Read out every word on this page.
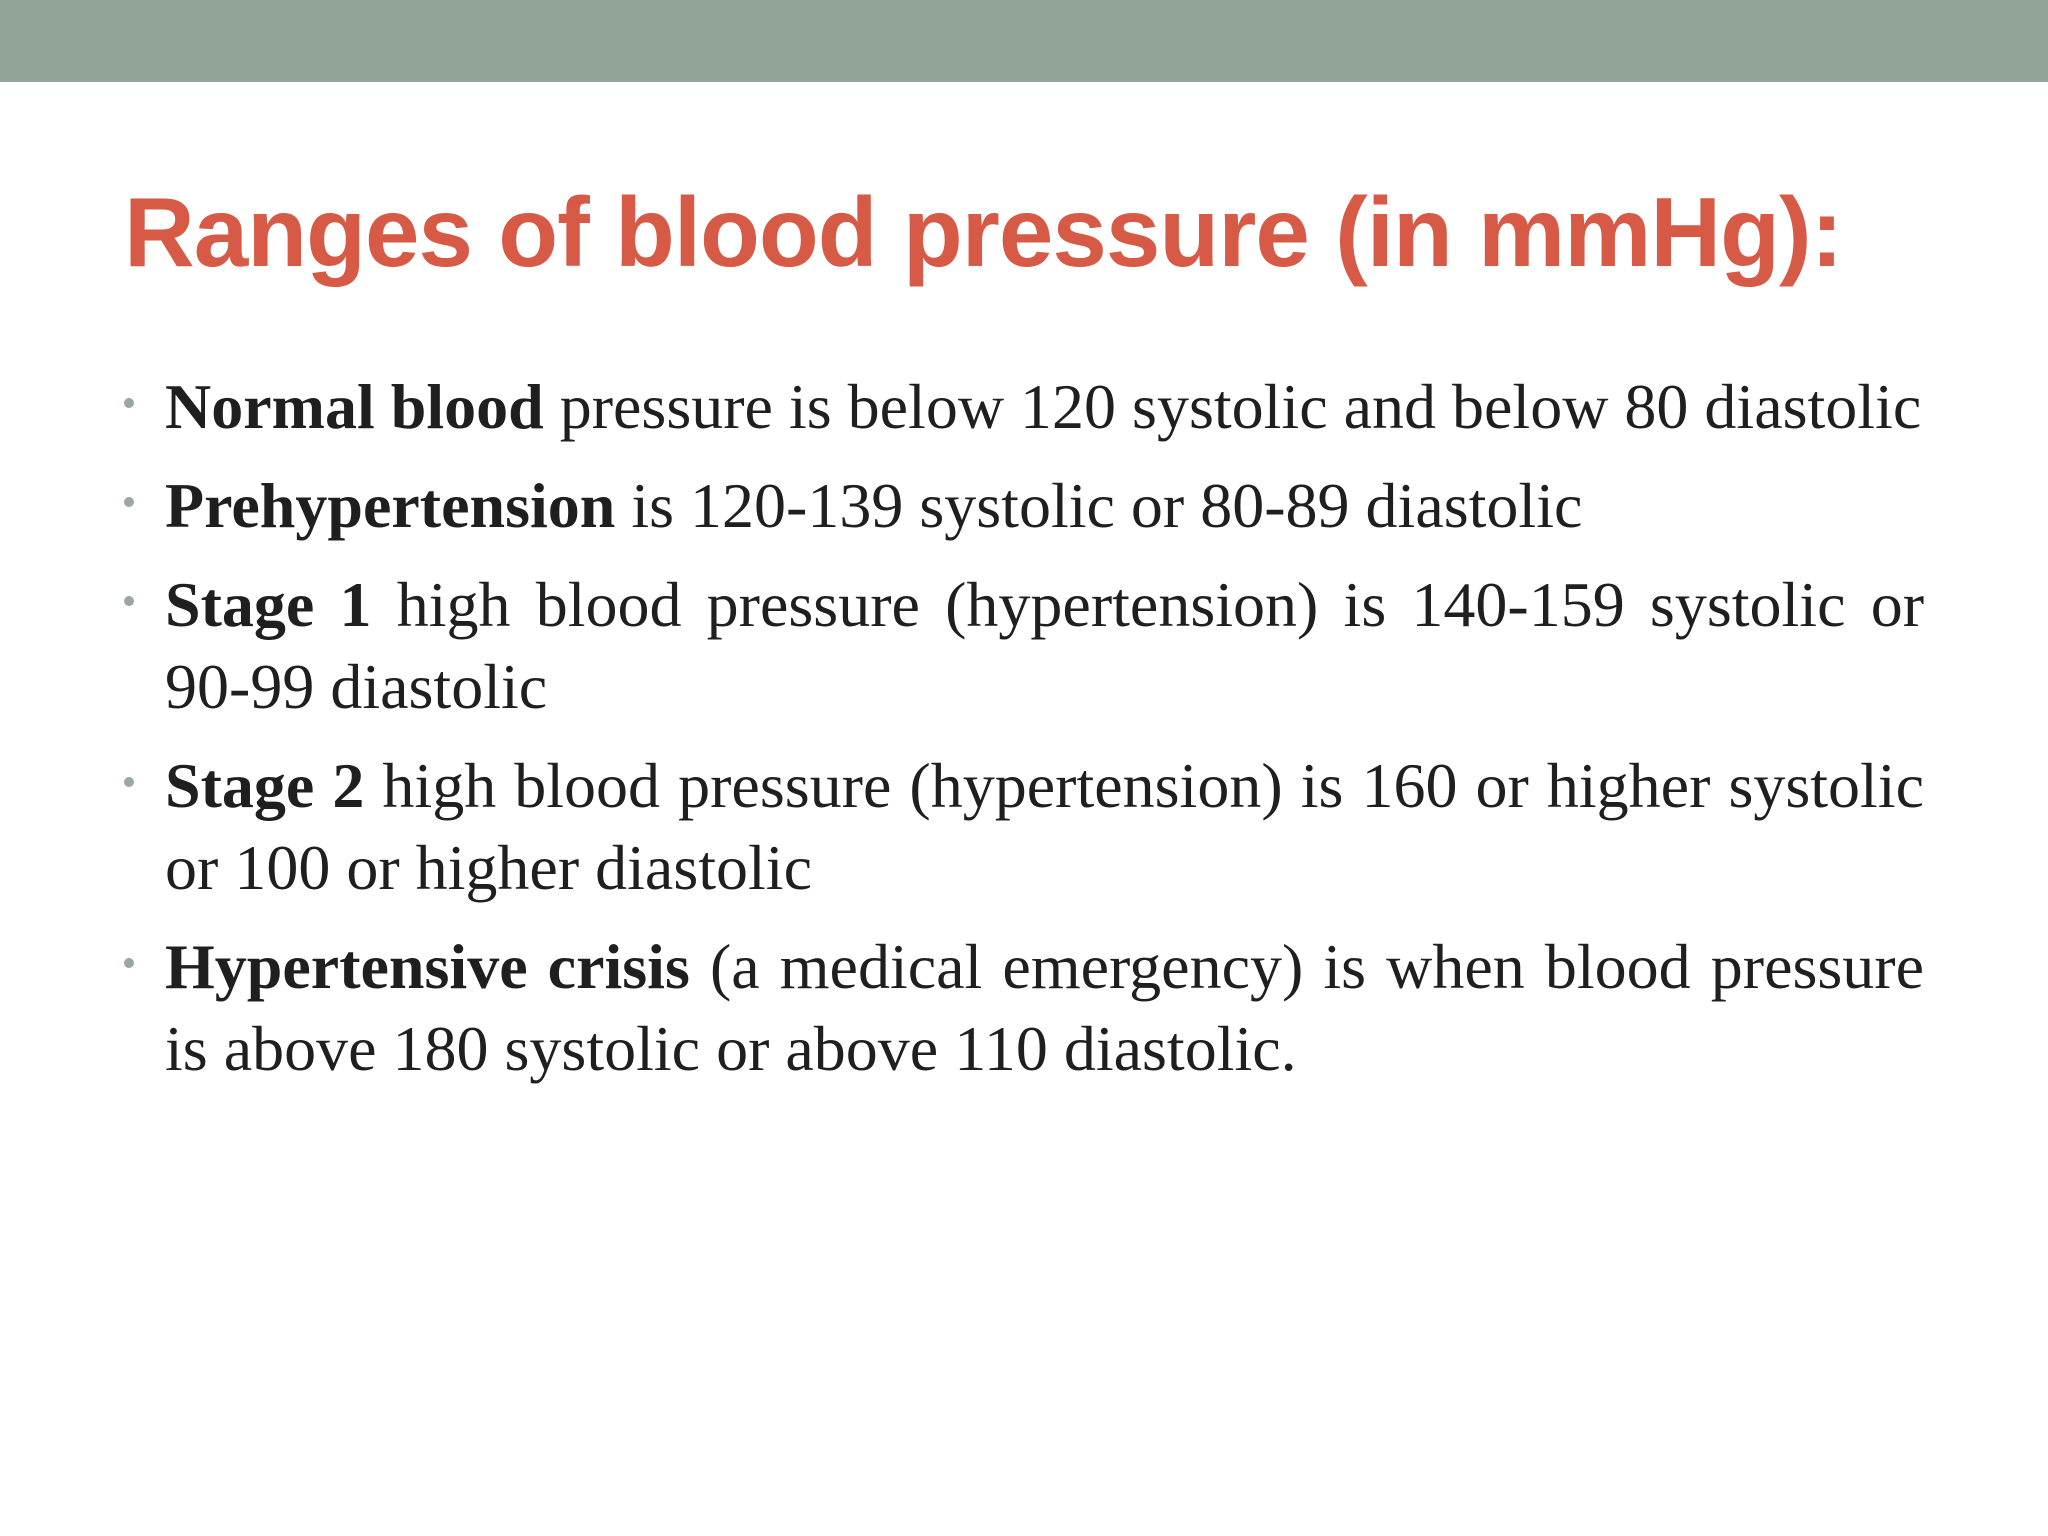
Ranges of blood pressure (in mmHg):
Normal blood pressure is below 120 systolic and below 80 diastolic
Prehypertension is 120-139 systolic or 80-89 diastolic
Stage 1 high blood pressure (hypertension) is 140-159 systolic or 90-99 diastolic
Stage 2 high blood pressure (hypertension) is 160 or higher systolic or 100 or higher diastolic
Hypertensive crisis (a medical emergency) is when blood pressure is above 180 systolic or above 110 diastolic.
